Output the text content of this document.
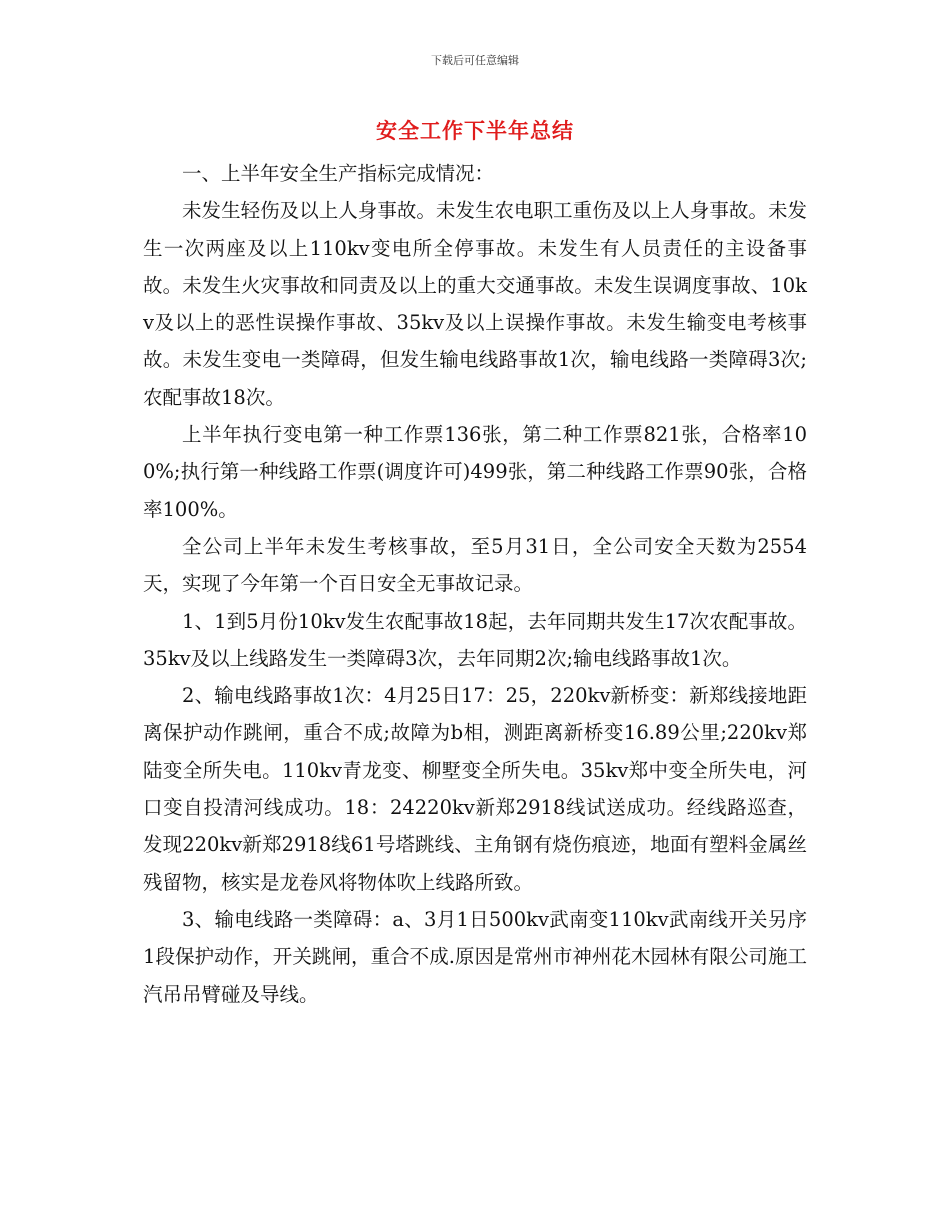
下载后可任意编辑
安全工作下半年总结

一、上半年安全生产指标完成情况：

未发生轻伤及以上人身事故。未发生农电职工重伤及以上人身事故。未发生一次两座及以上110kv变电所全停事故。未发生有人员责任的主设备事故。未发生火灾事故和同责及以上的重大交通事故。未发生误调度事故、10kv及以上的恶性误操作事故、35kv及以上误操作事故。未发生输变电考核事故。未发生变电一类障碍，但发生输电线路事故1次，输电线路一类障碍3次;农配事故18次。

上半年执行变电第一种工作票136张，第二种工作票821张，合格率100%;执行第一种线路工作票(调度许可)499张，第二种线路工作票90张，合格率100%。

全公司上半年未发生考核事故，至5月31日，全公司安全天数为2554天，实现了今年第一个百日安全无事故记录。

1、1到5月份10kv发生农配事故18起，去年同期共发生17次农配事故。35kv及以上线路发生一类障碍3次，去年同期2次;输电线路事故1次。

2、输电线路事故1次：4月25日17：25，220kv新桥变：新郑线接地距离保护动作跳闸，重合不成;故障为b相，测距离新桥变16.89公里;220kv郑陆变全所失电。110kv青龙变、柳墅变全所失电。35kv郑中变全所失电，河口变自投清河线成功。18：24220kv新郑2918线试送成功。经线路巡查，发现220kv新郑2918线61号塔跳线、主角钢有烧伤痕迹，地面有塑料金属丝残留物，核实是龙卷风将物体吹上线路所致。

3、输电线路一类障碍：a、3月1日500kv武南变110kv武南线开关另序1段保护动作，开关跳闸，重合不成.原因是常州市神州花木园林有限公司施工汽吊吊臂碰及导线。
